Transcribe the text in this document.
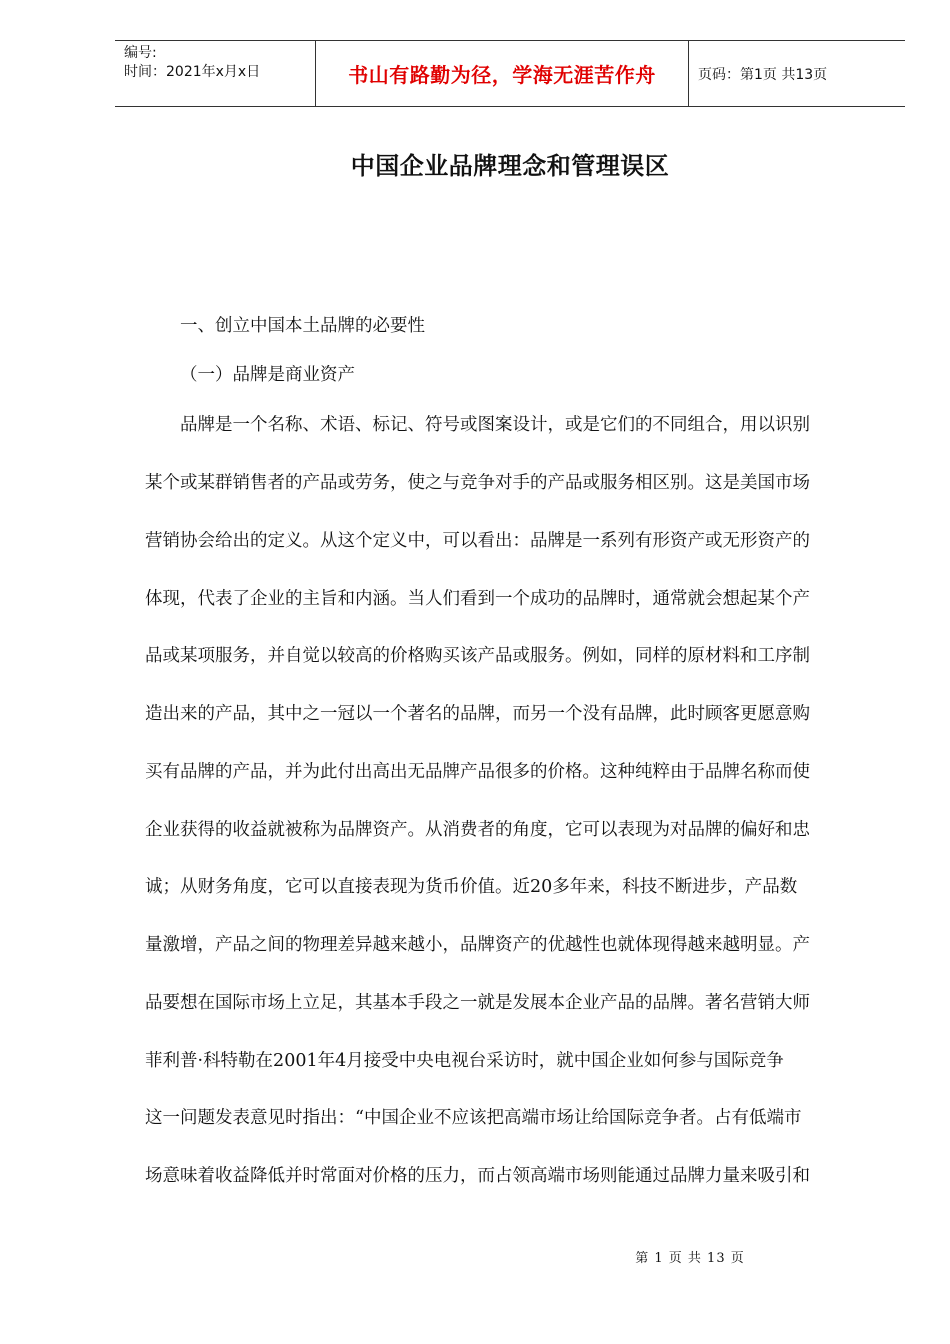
编号:
时间：2021年x月x日	书山有路勤为径，学海无涯苦作舟	页码：第1页 共13页
中国企业品牌理念和管理误区
一、创立中国本土品牌的必要性
（一）品牌是商业资产
品牌是一个名称、术语、标记、符号或图案设计，或是它们的不同组合，用以识别
某个或某群销售者的产品或劳务，使之与竞争对手的产品或服务相区别。这是美国市场
营销协会给出的定义。从这个定义中，可以看出：品牌是一系列有形资产或无形资产的
体现，代表了企业的主旨和内涵。当人们看到一个成功的品牌时，通常就会想起某个产
品或某项服务，并自觉以较高的价格购买该产品或服务。例如，同样的原材料和工序制
造出来的产品，其中之一冠以一个著名的品牌，而另一个没有品牌，此时顾客更愿意购
买有品牌的产品，并为此付出高出无品牌产品很多的价格。这种纯粹由于品牌名称而使
企业获得的收益就被称为品牌资产。从消费者的角度，它可以表现为对品牌的偏好和忠
诚；从财务角度，它可以直接表现为货币价值。近20多年来，科技不断进步，产品数
量激增，产品之间的物理差异越来越小，品牌资产的优越性也就体现得越来越明显。产
品要想在国际市场上立足，其基本手段之一就是发展本企业产品的品牌。著名营销大师
菲利普·科特勒在2001年4月接受中央电视台采访时，就中国企业如何参与国际竞争
这一问题发表意见时指出：“中国企业不应该把高端市场让给国际竞争者。占有低端市
场意味着收益降低并时常面对价格的压力，而占领高端市场则能通过品牌力量来吸引和
第 1 页 共 13 页
